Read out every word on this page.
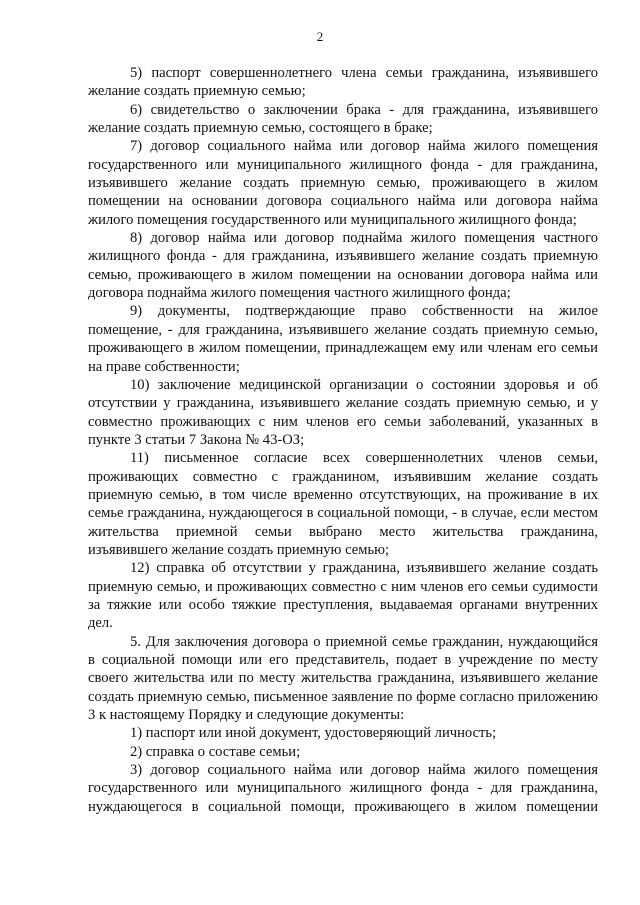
2

5) паспорт совершеннолетнего члена семьи гражданина, изъявившего желание создать приемную семью;

6) свидетельство о заключении брака - для гражданина, изъявившего желание создать приемную семью, состоящего в браке;

7) договор социального найма или договор найма жилого помещения государственного или муниципального жилищного фонда - для гражданина, изъявившего желание создать приемную семью, проживающего в жилом помещении на основании договора социального найма или договора найма жилого помещения государственного или муниципального жилищного фонда;

8) договор найма или договор поднайма жилого помещения частного жилищного фонда - для гражданина, изъявившего желание создать приемную семью, проживающего в жилом помещении на основании договора найма или договора поднайма жилого помещения частного жилищного фонда;

9) документы, подтверждающие право собственности на жилое помещение, - для гражданина, изъявившего желание создать приемную семью, проживающего в жилом помещении, принадлежащем ему или членам его семьи на праве собственности;

10) заключение медицинской организации о состоянии здоровья и об отсутствии у гражданина, изъявившего желание создать приемную семью, и у совместно проживающих с ним членов его семьи заболеваний, указанных в пункте 3 статьи 7 Закона № 43-ОЗ;

11) письменное согласие всех совершеннолетних членов семьи, проживающих совместно с гражданином, изъявившим желание создать приемную семью, в том числе временно отсутствующих, на проживание в их семье гражданина, нуждающегося в социальной помощи, - в случае, если местом жительства приемной семьи выбрано место жительства гражданина, изъявившего желание создать приемную семью;

12) справка об отсутствии у гражданина, изъявившего желание создать приемную семью, и проживающих совместно с ним членов его семьи судимости за тяжкие или особо тяжкие преступления, выдаваемая органами внутренних дел.

5. Для заключения договора о приемной семье гражданин, нуждающийся в социальной помощи или его представитель, подает в учреждение по месту своего жительства или по месту жительства гражданина, изъявившего желание создать приемную семью, письменное заявление по форме согласно приложению 3 к настоящему Порядку и следующие документы:

1) паспорт или иной документ, удостоверяющий личность;

2) справка о составе семьи;

3) договор социального найма или договор найма жилого помещения государственного или муниципального жилищного фонда - для гражданина, нуждающегося в социальной помощи, проживающего в жилом помещении
